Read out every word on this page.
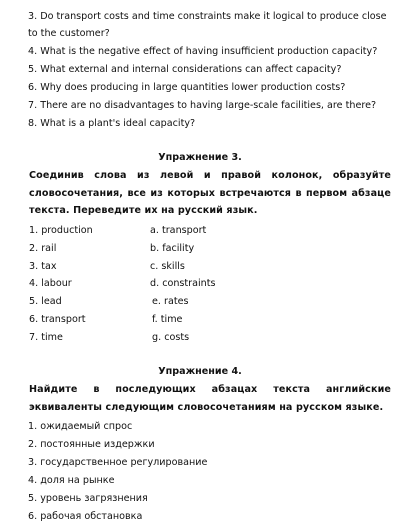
3. Do transport costs and time constraints make it logical to produce close
to the customer?
4. What is the negative effect of having insufficient production capacity?
5. What external and internal considerations can affect capacity?
6. Why does producing in large quantities lower production costs?
7. There are no disadvantages to having large-scale facilities, are there?
8. What is a plant's ideal capacity?
Упражнение 3.
Соединив слова из левой и правой колонок, образуйте словосочетания, все из которых встречаются в первом абзаце текста. Переведите их на русский язык.
1. production
2. rail
3. tax
4. labour
5. lead
6. transport
7. time
a. transport
b. facility
c. skills
d. constraints
e. rates
f. time
g. costs
Упражнение 4.
Найдите в последующих абзацах текста английские эквиваленты следующим словосочетаниям на русском языке.
1. ожидаемый спрос
2. постоянные издержки
3. государственное регулирование
4. доля на рынке
5. уровень загрязнения
6. рабочая обстановка
